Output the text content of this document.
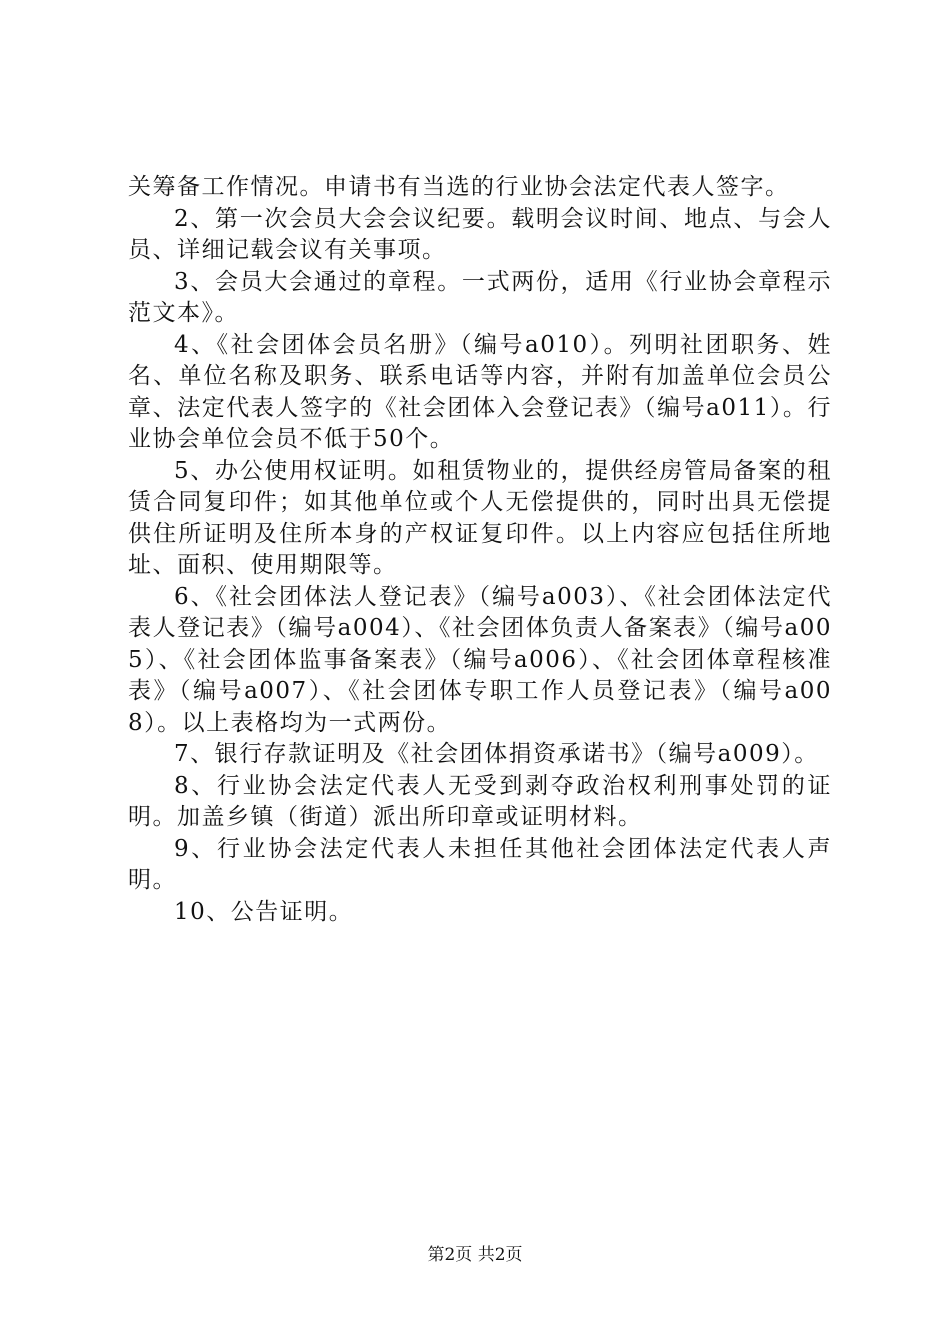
关筹备工作情况。申请书有当选的行业协会法定代表人签字。

2、第一次会员大会会议纪要。载明会议时间、地点、与会人员、详细记载会议有关事项。

3、会员大会通过的章程。一式两份，适用《行业协会章程示范文本》。

4、《社会团体会员名册》（编号a010）。列明社团职务、姓名、单位名称及职务、联系电话等内容，并附有加盖单位会员公章、法定代表人签字的《社会团体入会登记表》（编号a011）。行业协会单位会员不低于50个。

5、办公使用权证明。如租赁物业的，提供经房管局备案的租赁合同复印件；如其他单位或个人无偿提供的，同时出具无偿提供住所证明及住所本身的产权证复印件。以上内容应包括住所地址、面积、使用期限等。

6、《社会团体法人登记表》（编号a003）、《社会团体法定代表人登记表》（编号a004）、《社会团体负责人备案表》（编号a005）、《社会团体监事备案表》（编号a006）、《社会团体章程核准表》（编号a007）、《社会团体专职工作人员登记表》（编号a008）。以上表格均为一式两份。

7、银行存款证明及《社会团体捐资承诺书》（编号a009）。

8、行业协会法定代表人无受到剥夺政治权利刑事处罚的证明。加盖乡镇（街道）派出所印章或证明材料。

9、行业协会法定代表人未担任其他社会团体法定代表人声明。

10、公告证明。

第2页 共2页
